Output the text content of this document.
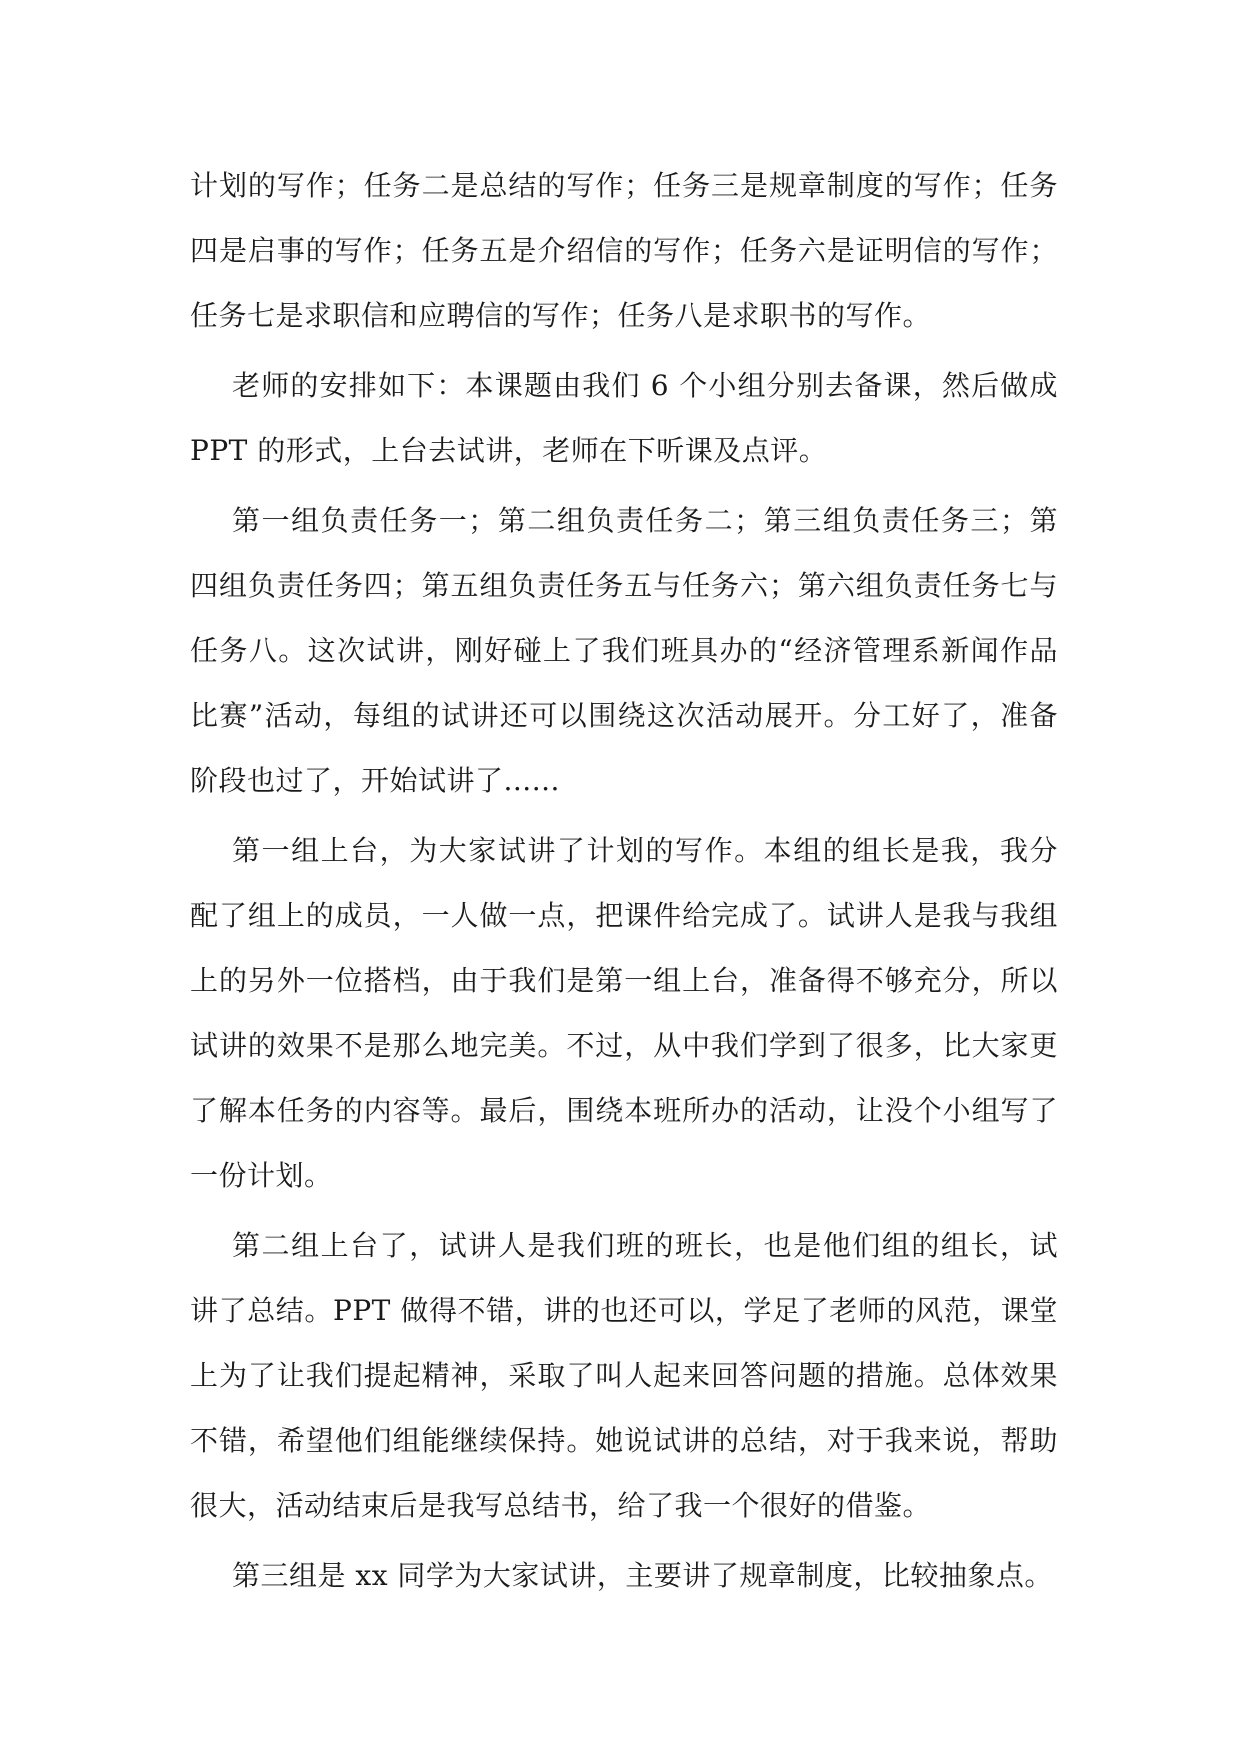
计划的写作；任务二是总结的写作；任务三是规章制度的写作；任务四是启事的写作；任务五是介绍信的写作；任务六是证明信的写作；任务七是求职信和应聘信的写作；任务八是求职书的写作。

老师的安排如下：本课题由我们 6 个小组分别去备课，然后做成 PPT 的形式，上台去试讲，老师在下听课及点评。

第一组负责任务一；第二组负责任务二；第三组负责任务三；第四组负责任务四；第五组负责任务五与任务六；第六组负责任务七与任务八。这次试讲，刚好碰上了我们班具办的“经济管理系新闻作品比赛”活动，每组的试讲还可以围绕这次活动展开。分工好了，准备阶段也过了，开始试讲了......

第一组上台，为大家试讲了计划的写作。本组的组长是我，我分配了组上的成员，一人做一点，把课件给完成了。试讲人是我与我组上的另外一位搭档，由于我们是第一组上台，准备得不够充分，所以试讲的效果不是那么地完美。不过，从中我们学到了很多，比大家更了解本任务的内容等。最后，围绕本班所办的活动，让没个小组写了一份计划。

第二组上台了，试讲人是我们班的班长，也是他们组的组长，试讲了总结。PPT 做得不错，讲的也还可以，学足了老师的风范，课堂上为了让我们提起精神，采取了叫人起来回答问题的措施。总体效果不错，希望他们组能继续保持。她说试讲的总结，对于我来说，帮助很大，活动结束后是我写总结书，给了我一个很好的借鉴。

第三组是 xx 同学为大家试讲，主要讲了规章制度，比较抽象点。
